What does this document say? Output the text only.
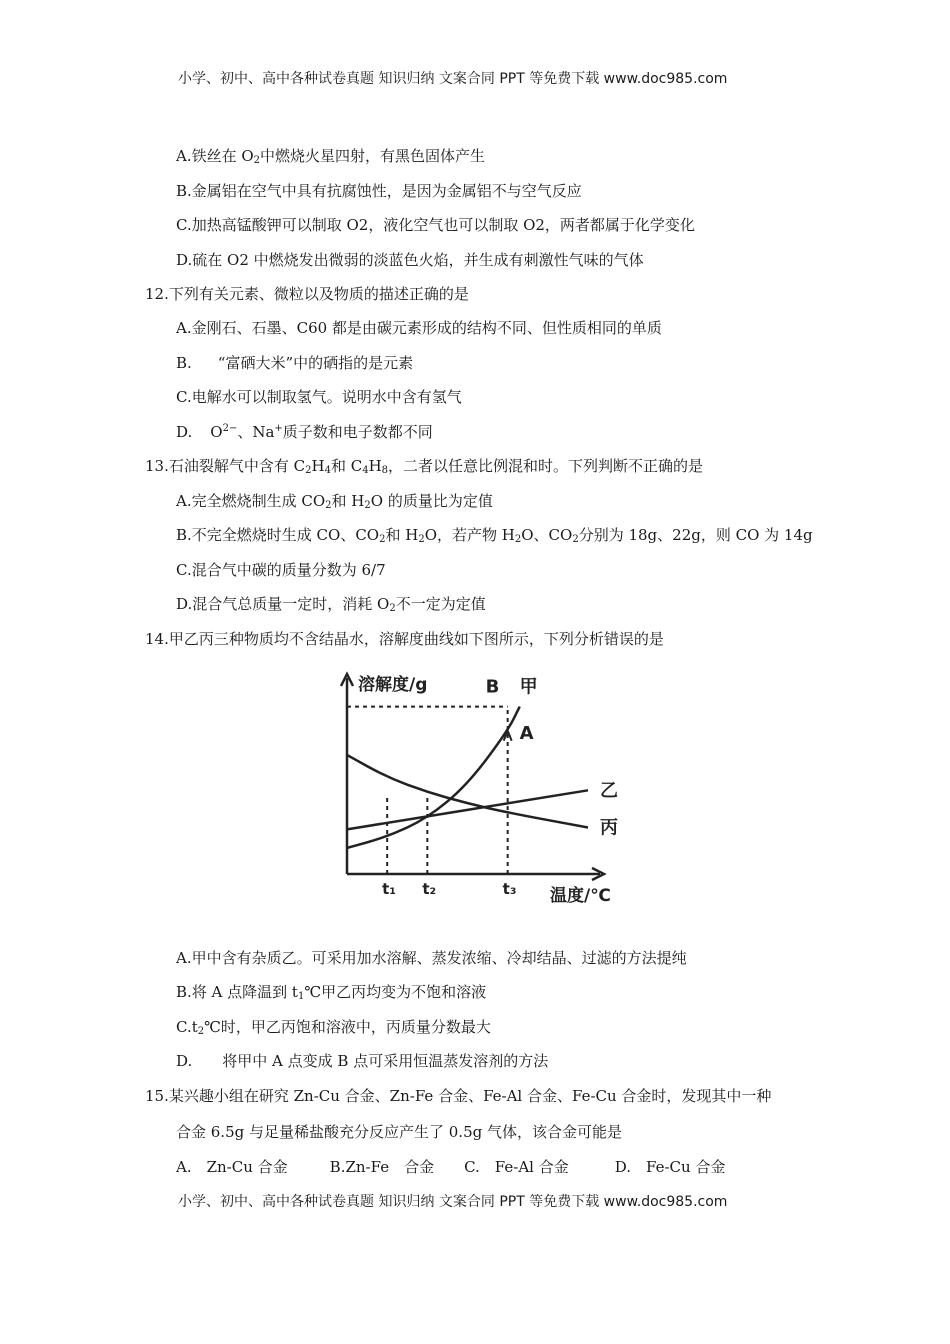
小学、初中、高中各种试卷真题 知识归纳 文案合同 PPT 等免费下载 www.doc985.com
A.铁丝在 $O_2$中燃烧火星四射，有黑色固体产生
B.金属铝在空气中具有抗腐蚀性，是因为金属铝不与空气反应
C.加热高锰酸钾可以制取 O2，液化空气也可以制取 O2，两者都属于化学变化
D.硫在 O2 中燃烧发出微弱的淡蓝色火焰，并生成有刺激性气味的气体
12.下列有关元素、微粒以及物质的描述正确的是
A.金刚石、石墨、C60 都是由碳元素形成的结构不同、但性质相同的单质
B. “富硒大米”中的硒指的是元素
C.电解水可以制取氢气。说明水中含有氢气
D. $O^{2-}$、Na+质子数和电子数都不同
13.石油裂解气中含有 $C_2H_4$和 $C_4H_8$，二者以任意比例混和时。下列判断不正确的是
A.完全燃烧制生成 $CO_2$和 $H_2O$ 的质量比为定值
B.不完全燃烧时生成 CO、$CO_2$和 $H_2O$，若产物 $H_2O$、$CO_2$分别为 18g、22g，则 CO 为 14g
C.混合气中碳的质量分数为 6/7
D.混合气总质量一定时，消耗 $O_2$不一定为定值
14.甲乙丙三种物质均不含结晶水，溶解度曲线如下图所示，下列分析错误的是
t₁ t₂	t₃
B 甲
A
乙
丙
溶解度/g
温度/℃
A.甲中含有杂质乙。可采用加水溶解、蒸发浓缩、冷却结晶、过滤的方法提纯
B.将 A 点降温到 $t_1℃$甲乙丙均变为不饱和溶液
$C.t_2℃$时，甲乙丙饱和溶液中，丙质量分数最大
D. 将甲中 A 点变成 B 点可采用恒温蒸发溶剂的方法
15.某兴趣小组在研究 Zn-Cu 合金、Zn-Fe 合金、Fe-Al 合金、Fe-Cu 合金时，发现其中一种
合金 6.5g 与足量稀盐酸充分反应产生了 0.5g 气体，该合金可能是
A.　Zn-Cu 合金	B.Zn-Fe　合金 C.　Fe-Al 合金	D.　Fe-Cu 合金
小学、初中、高中各种试卷真题 知识归纳 文案合同 PPT 等免费下载 www.doc985.com
